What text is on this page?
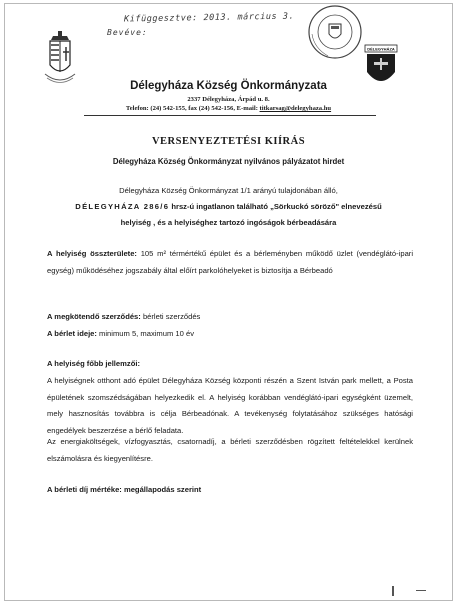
Kifüggesztve: 2013. március 3.
Bevéve:
DÉLEGYHÁZA
Délegyháza Község Önkormányzata
2337 Délegyháza, Árpád u. 8.
Telefon: (24) 542-155, fax (24) 542-156, E-mail: titkarsag@delegyhaza.hu
VERSENYEZTETÉSI KIÍRÁS
Délegyháza Község Önkormányzat nyilvános pályázatot hirdet
Délegyháza Község Önkormányzat 1/1 arányú tulajdonában álló,
DÉLEGYHÁZA 286/6 hrsz-ú ingatlanon található „Sörkuckó söröző" elnevezésű
helyiség , és a helyiséghez tartozó ingóságok bérbeadására
A helyiség összterülete: 105 m² térmértékű épület és a bérleményben működő üzlet (vendéglátó-ipari egység) működéséhez jogszabály által előírt parkolóhelyeket is biztosítja a Bérbeadó
A megkötendő szerződés: bérleti szerződés
A bérlet ideje: minimum 5, maximum 10 év
A helyiség főbb jellemzői:
A helyiségnek otthont adó épület Délegyháza Község központi részén a Szent István park mellett, a Posta épületének szomszédságában helyezkedik el. A helyiség korábban vendéglátó-ipari egységként üzemelt, mely hasznosítás továbbra is célja Bérbeadónak. A tevékenység folytatásához szükséges hatósági engedélyek beszerzése a bérlő feladata.
Az energiaköltségek, vízfogyasztás, csatornadíj, a bérleti szerződésben rögzített feltételekkel kerülnek elszámolásra és kiegyenlítésre.
A bérleti díj mértéke: megállapodás szerint
